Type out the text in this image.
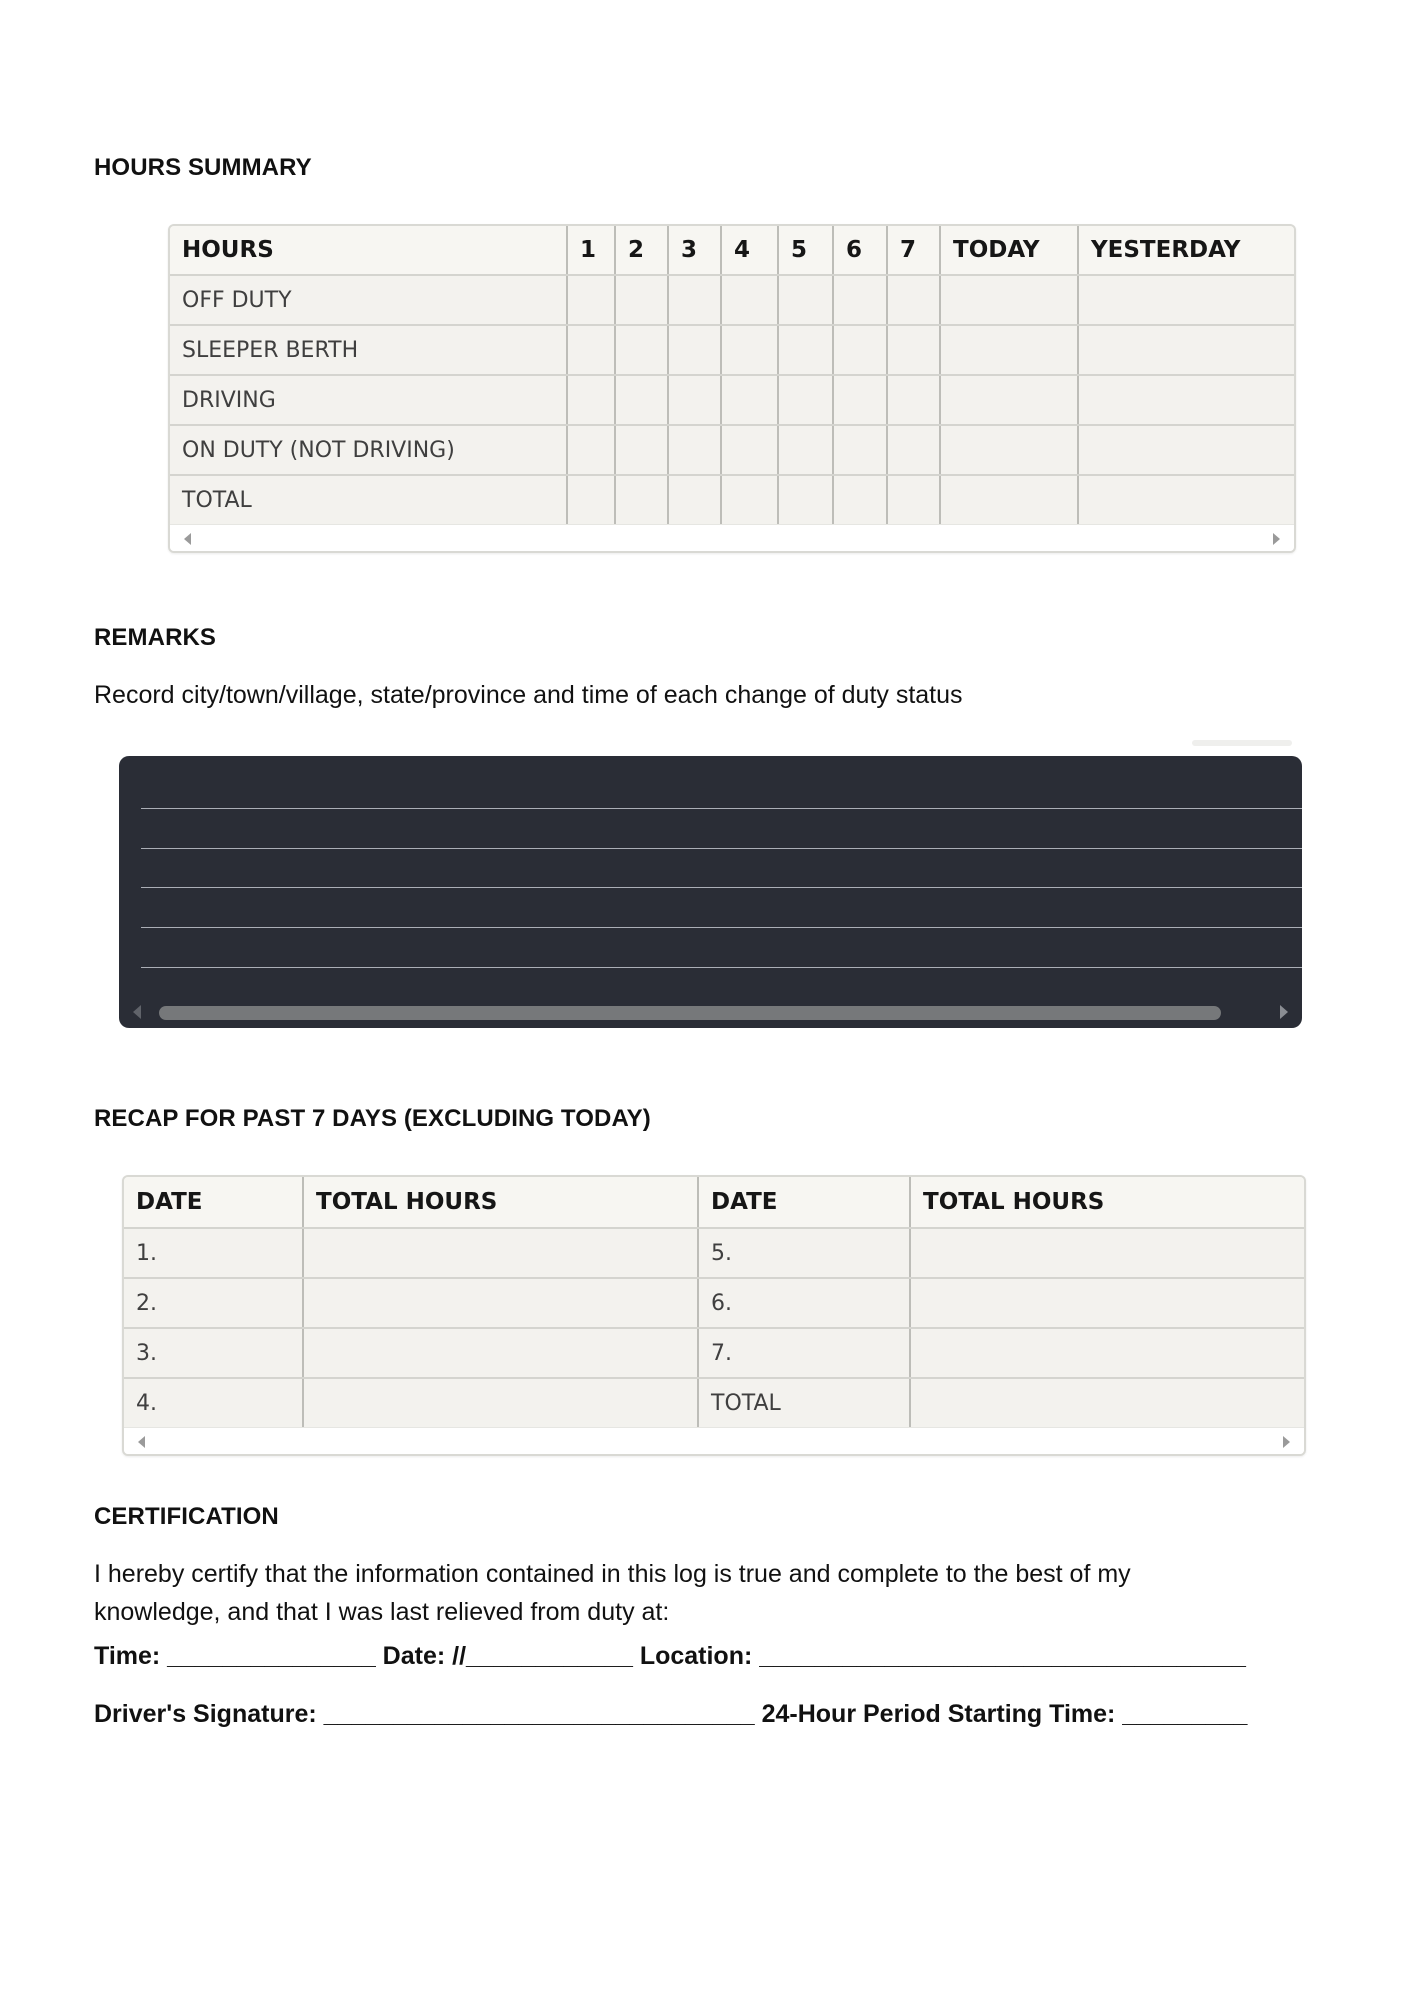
HOURS SUMMARY
HOURS	1	2	3	4	5	6	7	TODAY	YESTERDAY
OFF DUTY									
SLEEPER BERTH									
DRIVING									
ON DUTY (NOT DRIVING)									
TOTAL									
REMARKS
Record city/town/village, state/province and time of each change of duty status
RECAP FOR PAST 7 DAYS (EXCLUDING TODAY)
DATE	TOTAL HOURS	DATE	TOTAL HOURS
1.		5.	
2.		6.	
3.		7.	
4.		TOTAL	
CERTIFICATION
I hereby certify that the information contained in this log is true and complete to the best of my knowledge, and that I was last relieved from duty at:
Time: _______________ Date: //____________ Location: ___________________________________
Driver's Signature: _______________________________ 24-Hour Period Starting Time: _________
